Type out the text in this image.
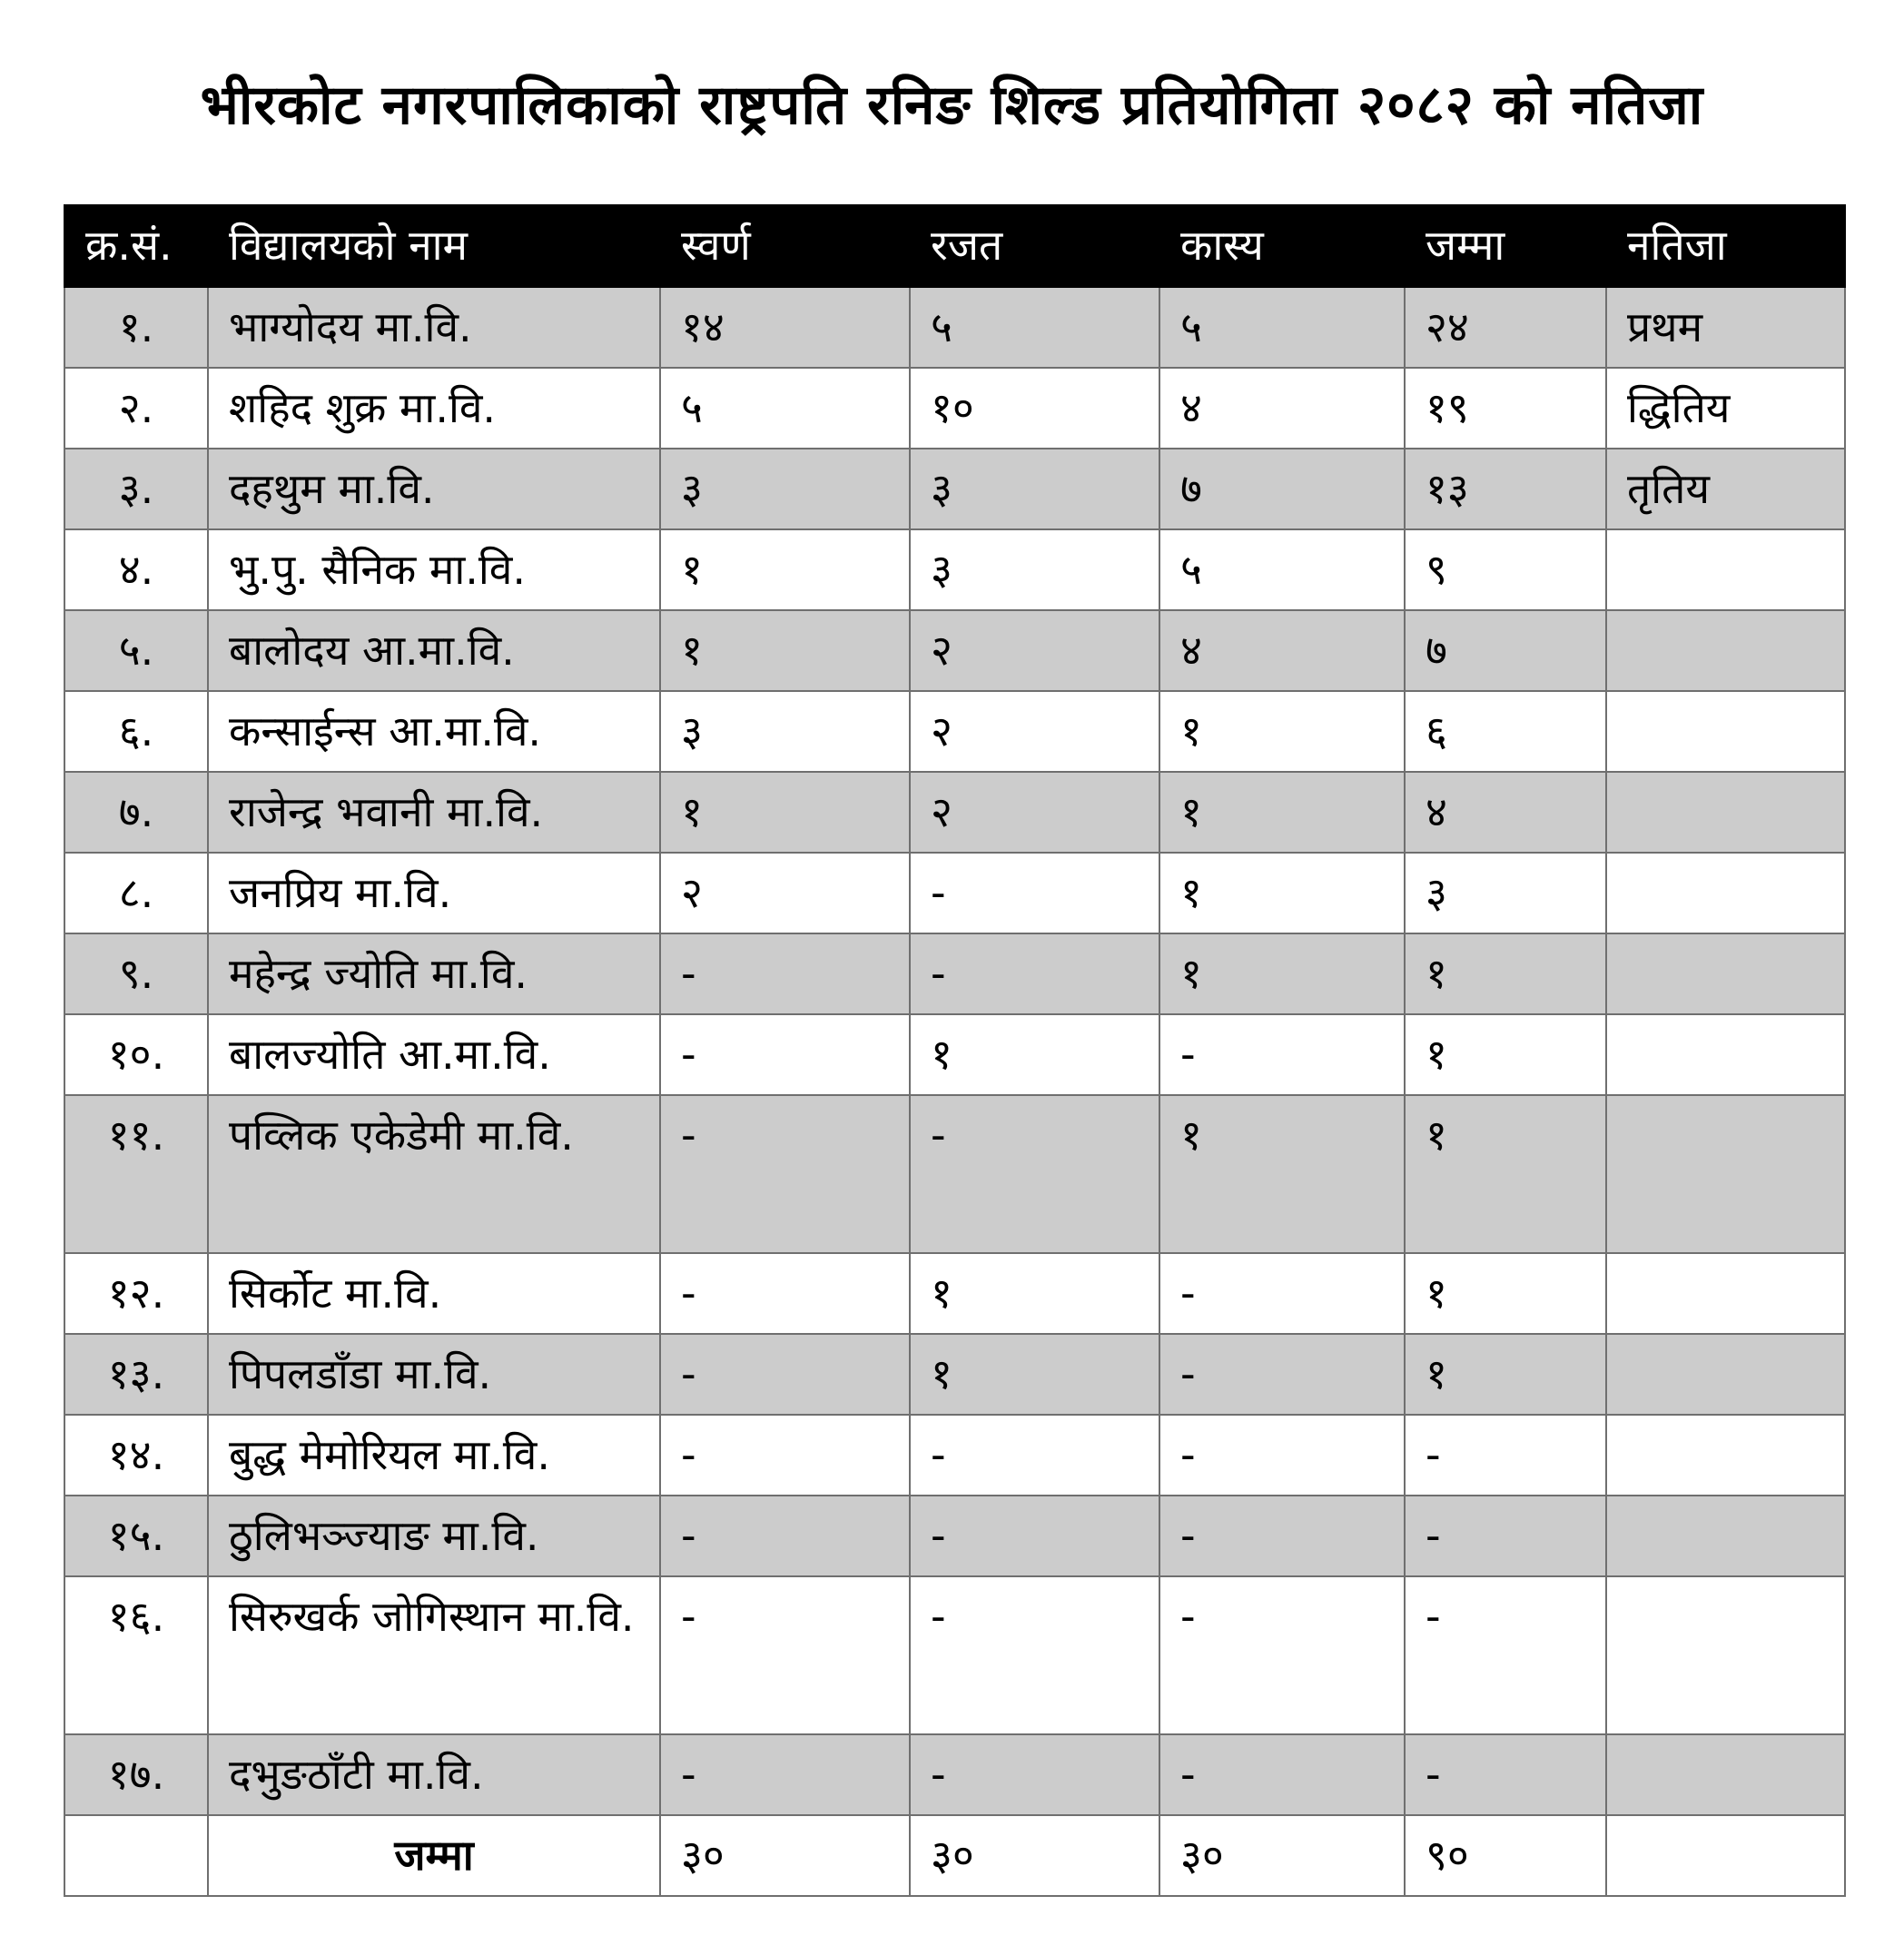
भीरकोट नगरपालिकाको राष्ट्रपति रनिङ शिल्ड प्रतियोगिता २०८२ को नतिजा
क्र.सं.	विद्यालयको नाम	स्वर्ण	रजत	कास्य	जम्मा	नतिजा
१.	भाग्योदय मा.वि.	१४	५	५	२४	प्रथम
२.	शहिद शुक्र मा.वि.	५	१०	४	१९	द्धितिय
३.	दहथुम मा.वि.	३	३	७	१३	तृतिय
४.	भु.पु. सैनिक मा.वि.	१	३	५	९	
५.	बालोदय आ.मा.वि.	१	२	४	७	
६.	कन्साईन्स आ.मा.वि.	३	२	१	६	
७.	राजेन्द्र भवानी मा.वि.	१	२	१	४	
८.	जनप्रिय मा.वि.	२	-	१	३	
९.	महेन्द्र ज्योति मा.वि.	-	-	१	१	
१०.	बालज्योति आ.मा.वि.	-	१	-	१	
११.	पव्लिक एकेडेमी मा.वि.	-	-	१	१	
१२.	सिर्कोट मा.वि.	-	१	-	१	
१३.	पिपलडाँडा मा.वि.	-	१	-	१	
१४.	बुद्ध मेमोरियल मा.वि.	-	-	-	-	
१५.	ठुलिभञ्ज्याङ मा.वि.	-	-	-	-	
१६.	सिरुखर्क जोगिस्थान मा.वि.	-	-	-	-	
१७.	दभुङठाँटी मा.वि.	-	-	-	-	
	जम्मा	३०	३०	३०	९०	
